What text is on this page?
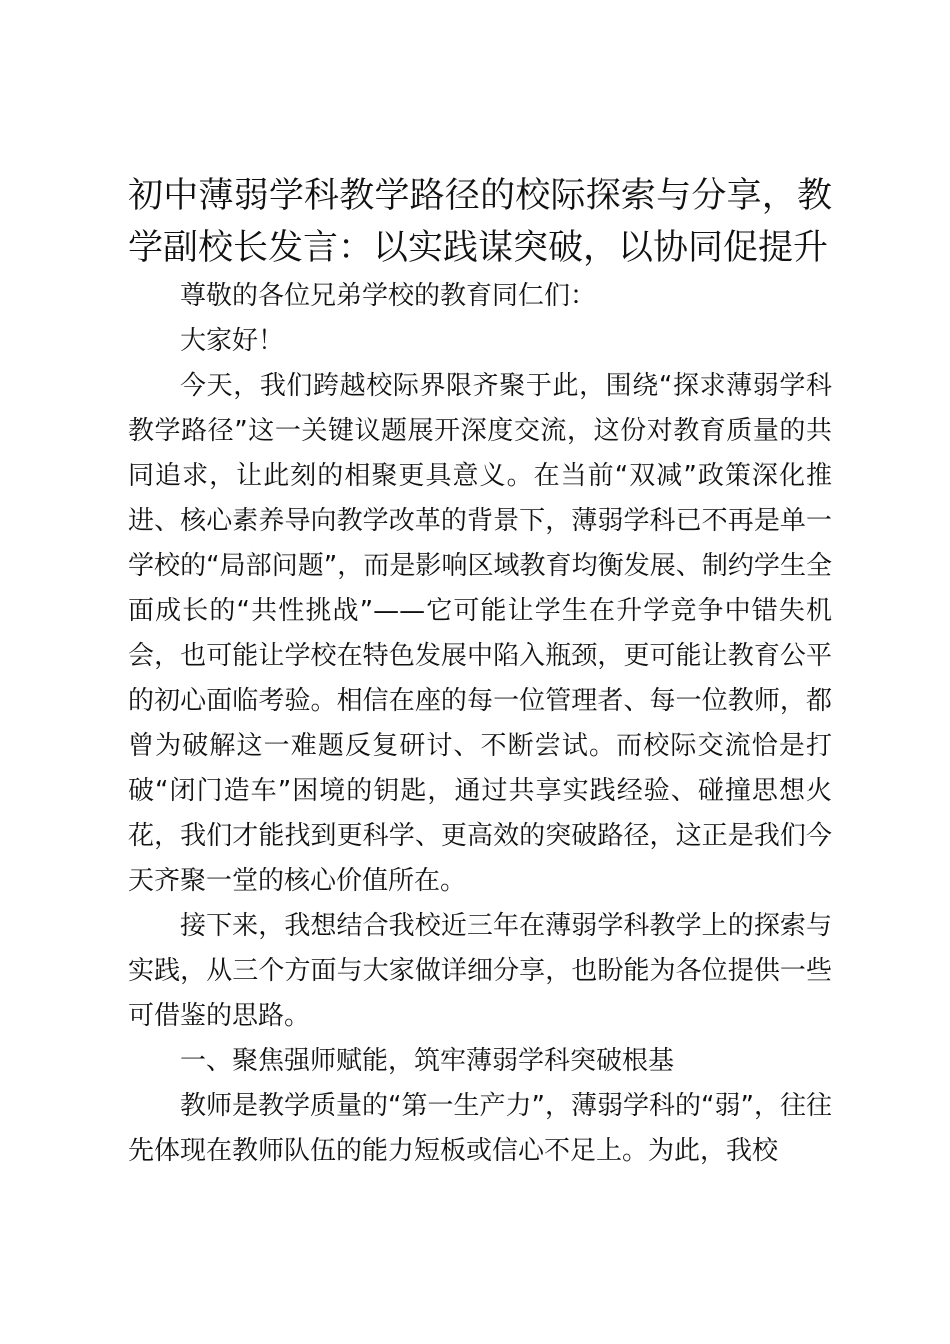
初中薄弱学科教学路径的校际探索与分享，教学副校长发言：以实践谋突破，以协同促提升

尊敬的各位兄弟学校的教育同仁们：

大家好！

今天，我们跨越校际界限齐聚于此，围绕“探求薄弱学科教学路径”这一关键议题展开深度交流，这份对教育质量的共同追求，让此刻的相聚更具意义。在当前“双减”政策深化推进、核心素养导向教学改革的背景下，薄弱学科已不再是单一学校的“局部问题”，而是影响区域教育均衡发展、制约学生全面成长的“共性挑战”——它可能让学生在升学竞争中错失机会，也可能让学校在特色发展中陷入瓶颈，更可能让教育公平的初心面临考验。相信在座的每一位管理者、每一位教师，都曾为破解这一难题反复研讨、不断尝试。而校际交流恰是打破“闭门造车”困境的钥匙，通过共享实践经验、碰撞思想火花，我们才能找到更科学、更高效的突破路径，这正是我们今天齐聚一堂的核心价值所在。

接下来，我想结合我校近三年在薄弱学科教学上的探索与实践，从三个方面与大家做详细分享，也盼能为各位提供一些可借鉴的思路。

一、聚焦强师赋能，筑牢薄弱学科突破根基

教师是教学质量的“第一生产力”，薄弱学科的“弱”，往往先体现在教师队伍的能力短板或信心不足上。为此，我校
